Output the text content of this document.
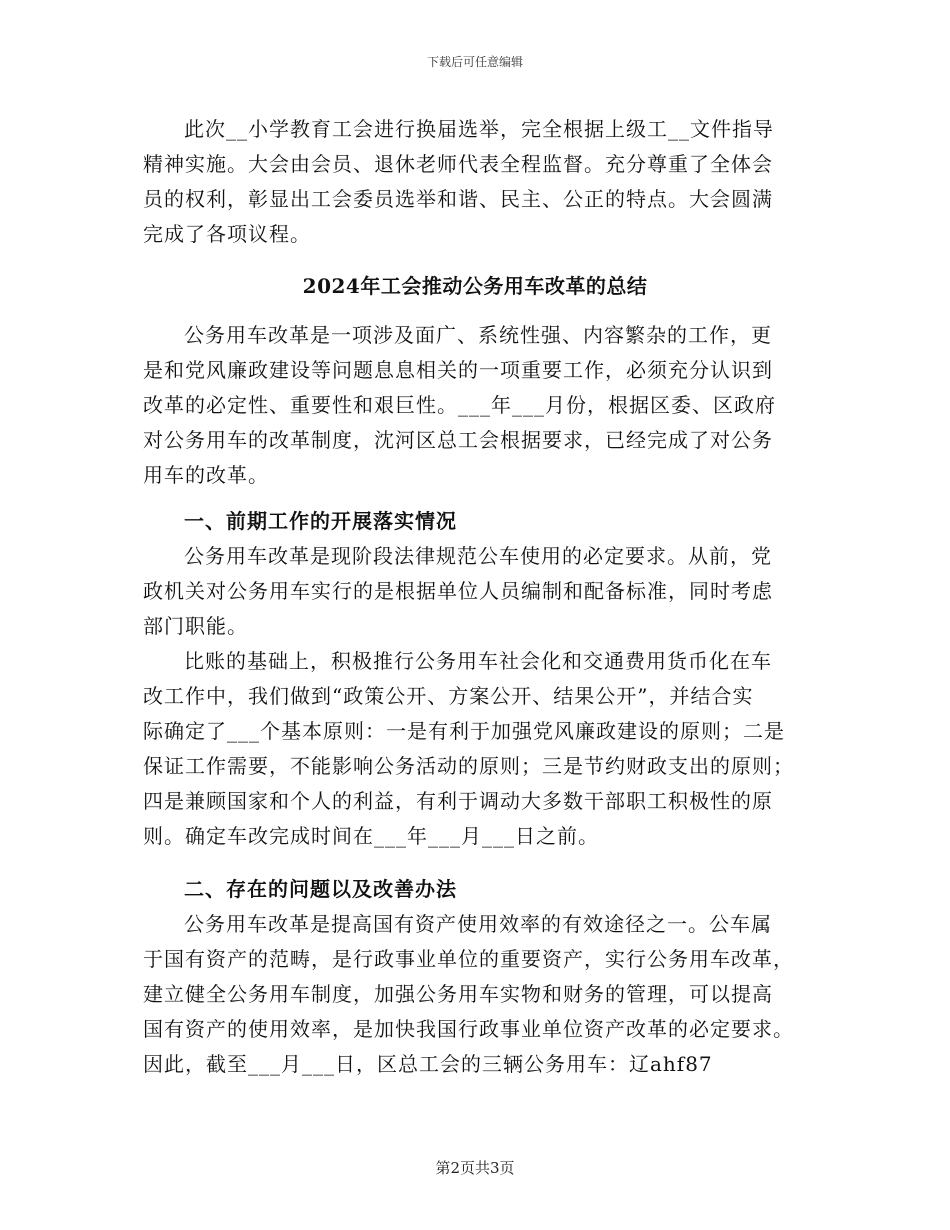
下载后可任意编辑
此次__小学教育工会进行换届选举，完全根据上级工__文件指导
精神实施。大会由会员、退休老师代表全程监督。充分尊重了全体会
员的权利，彰显出工会委员选举和谐、民主、公正的特点。大会圆满
完成了各项议程。
2024年工会推动公务用车改革的总结
公务用车改革是一项涉及面广、系统性强、内容繁杂的工作，更
是和党风廉政建设等问题息息相关的一项重要工作，必须充分认识到
改革的必定性、重要性和艰巨性。___年___月份，根据区委、区政府
对公务用车的改革制度，沈河区总工会根据要求，已经完成了对公务
用车的改革。
一、前期工作的开展落实情况
公务用车改革是现阶段法律规范公车使用的必定要求。从前，党
政机关对公务用车实行的是根据单位人员编制和配备标准，同时考虑
部门职能。
比账的基础上，积极推行公务用车社会化和交通费用货币化在车
改工作中，我们做到“政策公开、方案公开、结果公开”，并结合实
际确定了___个基本原则：一是有利于加强党风廉政建设的原则；二是
保证工作需要，不能影响公务活动的原则；三是节约财政支出的原则；
四是兼顾国家和个人的利益，有利于调动大多数干部职工积极性的原
则。确定车改完成时间在___年___月___日之前。
二、存在的问题以及改善办法
公务用车改革是提高国有资产使用效率的有效途径之一。公车属
于国有资产的范畴，是行政事业单位的重要资产，实行公务用车改革，
建立健全公务用车制度，加强公务用车实物和财务的管理，可以提高
国有资产的使用效率，是加快我国行政事业单位资产改革的必定要求。
因此，截至___月___日，区总工会的三辆公务用车：辽ahf87
第2页共3页
